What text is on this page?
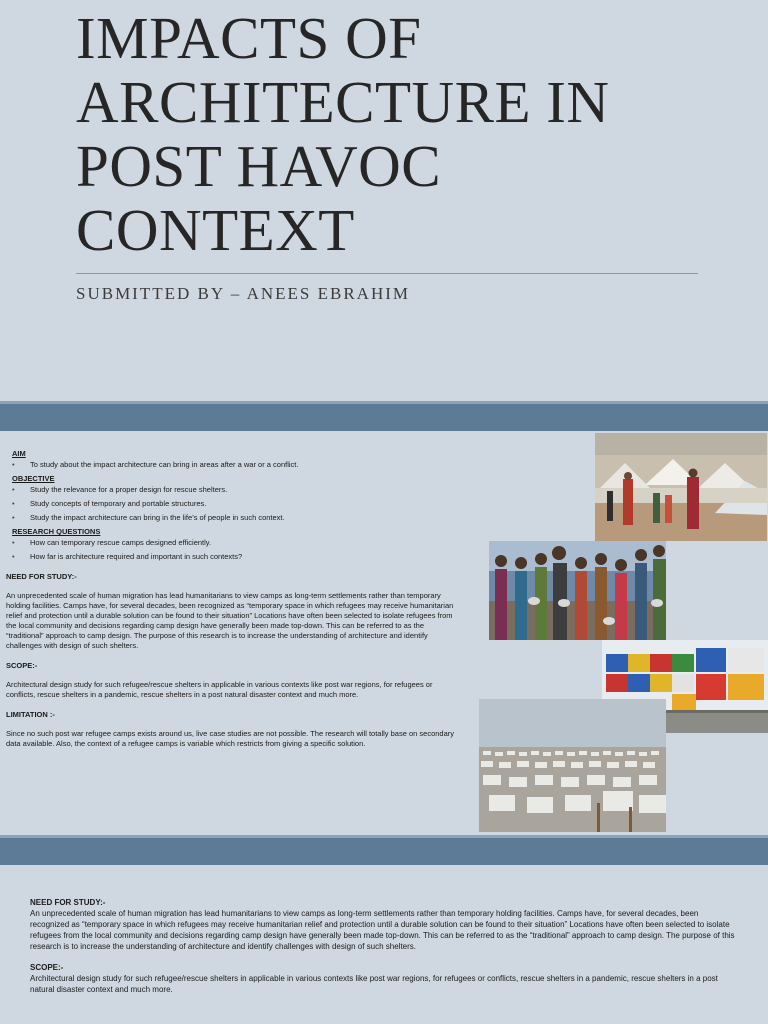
IMPACTS OF
ARCHITECTURE IN
POST HAVOC
CONTEXT
SUBMITTED BY – ANEES EBRAHIM
AIM
• To study about the impact architecture can bring in areas after a war or a conflict.
OBJECTIVE
• Study the relevance for a proper design for rescue shelters.
• Study concepts of temporary and portable structures.
• Study the impact architecture can bring in the life’s of people in such context.
RESEARCH QUESTIONS
• How can temporary rescue camps designed efficiently.
• How far is architecture required and important in such contexts?
NEED FOR STUDY:-
An unprecedented scale of human migration has lead humanitarians to view camps as long-term settlements rather than temporary holding facilities. Camps have, for several decades, been recognized as “temporary space in which refugees may receive humanitarian relief and protection until a durable solution can be found to their situation” Locations have often been selected to isolate refugees from the local community and decisions regarding camp design have generally been made top-down. This can be referred to as the “traditional” approach to camp design. The purpose of this research is to increase the understanding of architecture and identify challenges with design of such shelters.
SCOPE:-
Architectural design study for such refugee/rescue shelters in applicable in various contexts like post war regions, for refugees or conflicts, rescue shelters in a pandemic, rescue shelters in a post natural disaster context and much more.
LIMITATION :-
Since no such post war refugee camps exists around us, live case studies are not possible. The research will totally base on secondary data available. Also, the context of a refugee camps is variable which restricts from giving a specific solution.
NEED FOR STUDY:-
An unprecedented scale of human migration has lead humanitarians to view camps as long-term settlements rather than temporary holding facilities. Camps have, for several decades, been recognized as “temporary space in which refugees may receive humanitarian relief and protection until a durable solution can be found to their situation” Locations have often been selected to isolate refugees from the local community and decisions regarding camp design have generally been made top-down. This can be referred to as the “traditional” approach to camp design. The purpose of this research is to increase the understanding of architecture and identify challenges with design of such shelters.
SCOPE:-
Architectural design study for such refugee/rescue shelters in applicable in various contexts like post war regions, for refugees or conflicts, rescue shelters in a pandemic, rescue shelters in a post natural disaster context and much more.
